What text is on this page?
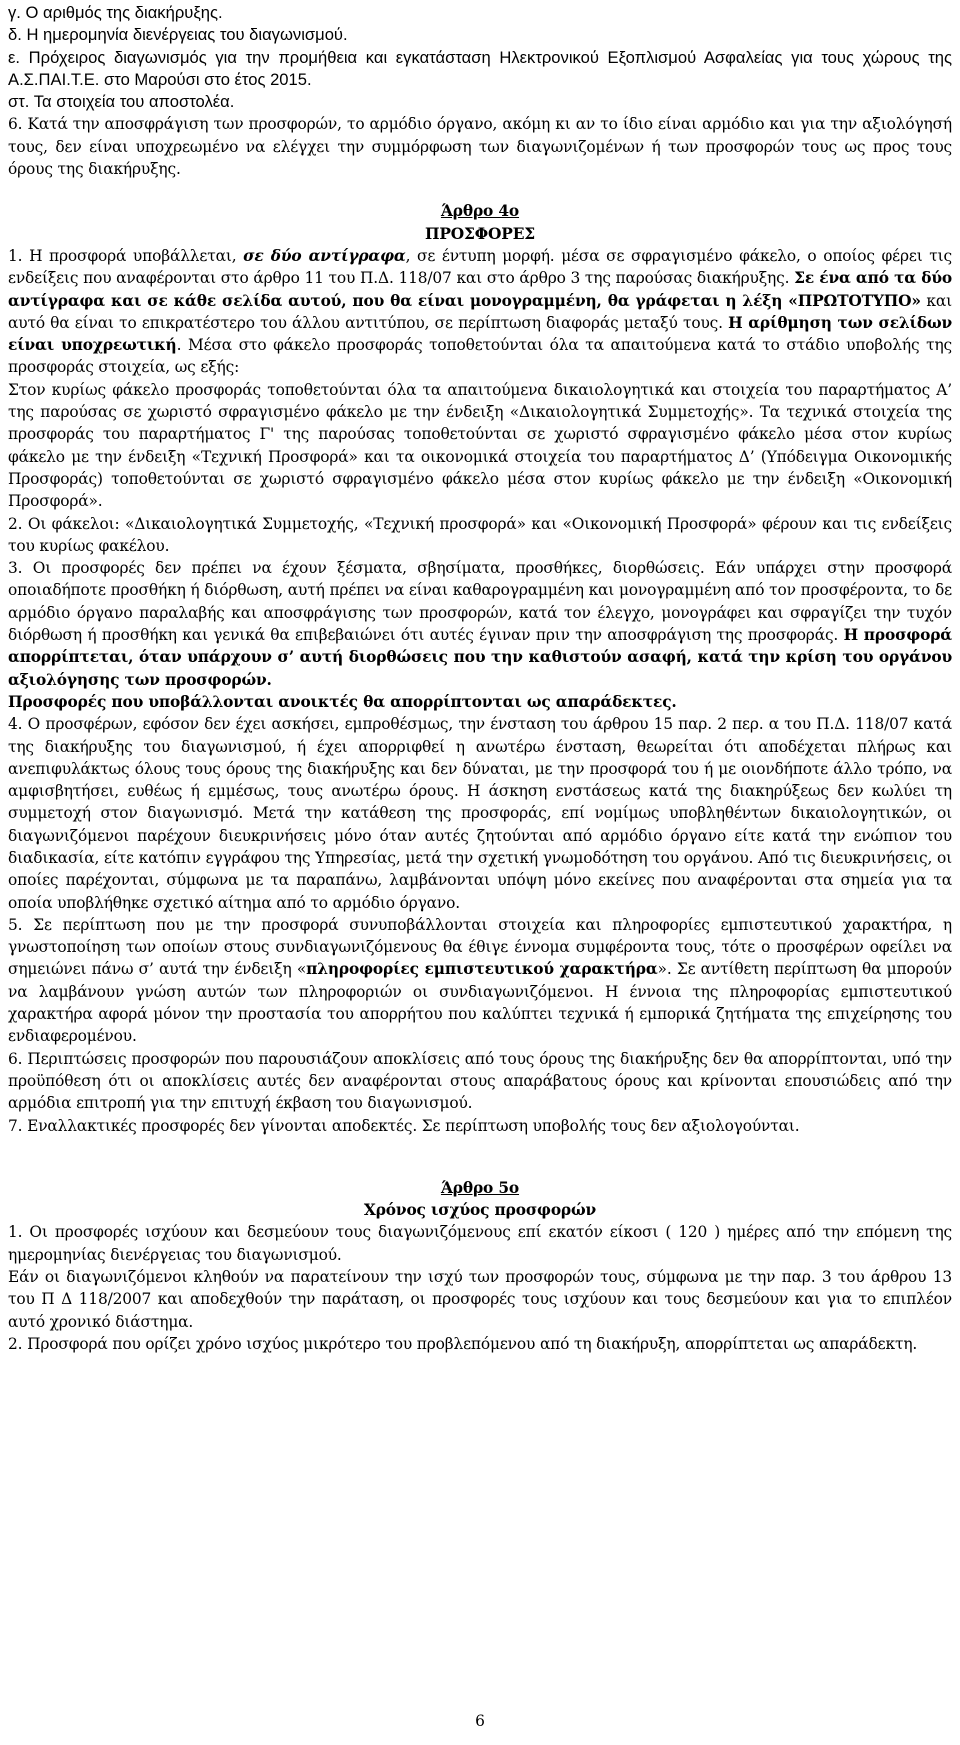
γ. Ο αριθμός της διακήρυξης.

δ. Η ημερομηνία διενέργειας του διαγωνισμού.

ε. Πρόχειρος διαγωνισμός για την προμήθεια και εγκατάσταση Ηλεκτρονικού Εξοπλισμού Ασφαλείας για τους χώρους της Α.Σ.ΠΑΙ.Τ.Ε. στο Μαρούσι στο έτος 2015.

στ. Τα στοιχεία του αποστολέα.

6. Κατά την αποσφράγιση των προσφορών, το αρμόδιο όργανο, ακόμη κι αν το ίδιο είναι αρμόδιο και για την αξιολόγησή τους, δεν είναι υποχρεωμένο να ελέγχει την συμμόρφωση των διαγωνιζομένων ή των προσφορών τους ως προς τους όρους της διακήρυξης.

Άρθρο 4ο

ΠΡΟΣΦΟΡΕΣ

1. Η προσφορά υποβάλλεται, σε δύο αντίγραφα, σε έντυπη μορφή. μέσα σε σφραγισμένο φάκελο, ο οποίος φέρει τις ενδείξεις που αναφέρονται στο άρθρο 11 του Π.Δ. 118/07 και στο άρθρο 3 της παρούσας διακήρυξης. Σε ένα από τα δύο αντίγραφα και σε κάθε σελίδα αυτού, που θα είναι μονογραμμένη, θα γράφεται η λέξη «ΠΡΩΤΟΤΥΠΟ» και αυτό θα είναι το επικρατέστερο του άλλου αντιτύπου, σε περίπτωση διαφοράς μεταξύ τους. Η αρίθμηση των σελίδων είναι υποχρεωτική. Μέσα στο φάκελο προσφοράς τοποθετούνται όλα τα απαιτούμενα κατά το στάδιο υποβολής της προσφοράς στοιχεία, ως εξής:

Στον κυρίως φάκελο προσφοράς τοποθετούνται όλα τα απαιτούμενα δικαιολογητικά και στοιχεία του παραρτήματος Α’ της παρούσας σε χωριστό σφραγισμένο φάκελο με την ένδειξη «Δικαιολογητικά Συμμετοχής». Τα τεχνικά στοιχεία της προσφοράς του παραρτήματος Γ' της παρούσας τοποθετούνται σε χωριστό σφραγισμένο φάκελο μέσα στον κυρίως φάκελο με την ένδειξη «Τεχνική Προσφορά» και τα οικονομικά στοιχεία του παραρτήματος Δ’ (Υπόδειγμα Οικονομικής Προσφοράς) τοποθετούνται σε χωριστό σφραγισμένο φάκελο μέσα στον κυρίως φάκελο με την ένδειξη «Οικονομική Προσφορά».

2. Οι φάκελοι: «Δικαιολογητικά Συμμετοχής, «Τεχνική προσφορά» και «Οικονομική Προσφορά» φέρουν και τις ενδείξεις του κυρίως φακέλου.

3. Οι προσφορές δεν πρέπει να έχουν ξέσματα, σβησίματα, προσθήκες, διορθώσεις. Εάν υπάρχει στην προσφορά οποιαδήποτε προσθήκη ή διόρθωση, αυτή πρέπει να είναι καθαρογραμμένη και μονογραμμένη από τον προσφέροντα, το δε αρμόδιο όργανο παραλαβής και αποσφράγισης των προσφορών, κατά τον έλεγχο, μονογράφει και σφραγίζει την τυχόν διόρθωση ή προσθήκη και γενικά θα επιβεβαιώνει ότι αυτές έγιναν πριν την αποσφράγιση της προσφοράς. Η προσφορά απορρίπτεται, όταν υπάρχουν σ’ αυτή διορθώσεις που την καθιστούν ασαφή, κατά την κρίση του οργάνου αξιολόγησης των προσφορών.

Προσφορές που υποβάλλονται ανοικτές θα απορρίπτονται ως απαράδεκτες.

4. Ο προσφέρων, εφόσον δεν έχει ασκήσει, εμπροθέσμως, την ένσταση του άρθρου 15 παρ. 2 περ. α του Π.Δ. 118/07 κατά της διακήρυξης του διαγωνισμού, ή έχει απορριφθεί η ανωτέρω ένσταση, θεωρείται ότι αποδέχεται πλήρως και ανεπιφυλάκτως όλους τους όρους της διακήρυξης και δεν δύναται, με την προσφορά του ή με οιονδήποτε άλλο τρόπο, να αμφισβητήσει, ευθέως ή εμμέσως, τους ανωτέρω όρους. Η άσκηση ενστάσεως κατά της διακηρύξεως δεν κωλύει τη συμμετοχή στον διαγωνισμό. Μετά την κατάθεση της προσφοράς, επί νομίμως υποβληθέντων δικαιολογητικών, οι διαγωνιζόμενοι παρέχουν διευκρινήσεις μόνο όταν αυτές ζητούνται από αρμόδιο όργανο είτε κατά την ενώπιον του διαδικασία, είτε κατόπιν εγγράφου της Υπηρεσίας, μετά την σχετική γνωμοδότηση του οργάνου. Από τις διευκρινήσεις, οι οποίες παρέχονται, σύμφωνα με τα παραπάνω, λαμβάνονται υπόψη μόνο εκείνες που αναφέρονται στα σημεία για τα οποία υποβλήθηκε σχετικό αίτημα από το αρμόδιο όργανο.

5. Σε περίπτωση που με την προσφορά συνυποβάλλονται στοιχεία και πληροφορίες εμπιστευτικού χαρακτήρα, η γνωστοποίηση των οποίων στους συνδιαγωνιζόμενους θα έθιγε έννομα συμφέροντα τους, τότε ο προσφέρων οφείλει να σημειώνει πάνω σ’ αυτά την ένδειξη «πληροφορίες εμπιστευτικού χαρακτήρα». Σε αντίθετη περίπτωση θα μπορούν να λαμβάνουν γνώση αυτών των πληροφοριών οι συνδιαγωνιζόμενοι. Η έννοια της πληροφορίας εμπιστευτικού χαρακτήρα αφορά μόνον την προστασία του απορρήτου που καλύπτει τεχνικά ή εμπορικά ζητήματα της επιχείρησης του ενδιαφερομένου.

6. Περιπτώσεις προσφορών που παρουσιάζουν αποκλίσεις από τους όρους της διακήρυξης δεν θα απορρίπτονται, υπό την προϋπόθεση ότι οι αποκλίσεις αυτές δεν αναφέρονται στους απαράβατους όρους και κρίνονται επουσιώδεις από την αρμόδια επιτροπή για την επιτυχή έκβαση του διαγωνισμού.

7. Εναλλακτικές προσφορές δεν γίνονται αποδεκτές. Σε περίπτωση υποβολής τους δεν αξιολογούνται.

Άρθρο 5ο

Χρόνος ισχύος προσφορών

1. Οι προσφορές ισχύουν και δεσμεύουν τους διαγωνιζόμενους επί εκατόν είκοσι ( 120 ) ημέρες από την επόμενη της ημερομηνίας διενέργειας του διαγωνισμού.

Εάν οι διαγωνιζόμενοι κληθούν να παρατείνουν την ισχύ των προσφορών τους, σύμφωνα με την παρ. 3 του άρθρου 13 του Π Δ 118/2007 και αποδεχθούν την παράταση, οι προσφορές τους ισχύουν και τους δεσμεύουν και για το επιπλέον αυτό χρονικό διάστημα.

2. Προσφορά που ορίζει χρόνο ισχύος μικρότερο του προβλεπόμενου από τη διακήρυξη, απορρίπτεται ως απαράδεκτη.

6
